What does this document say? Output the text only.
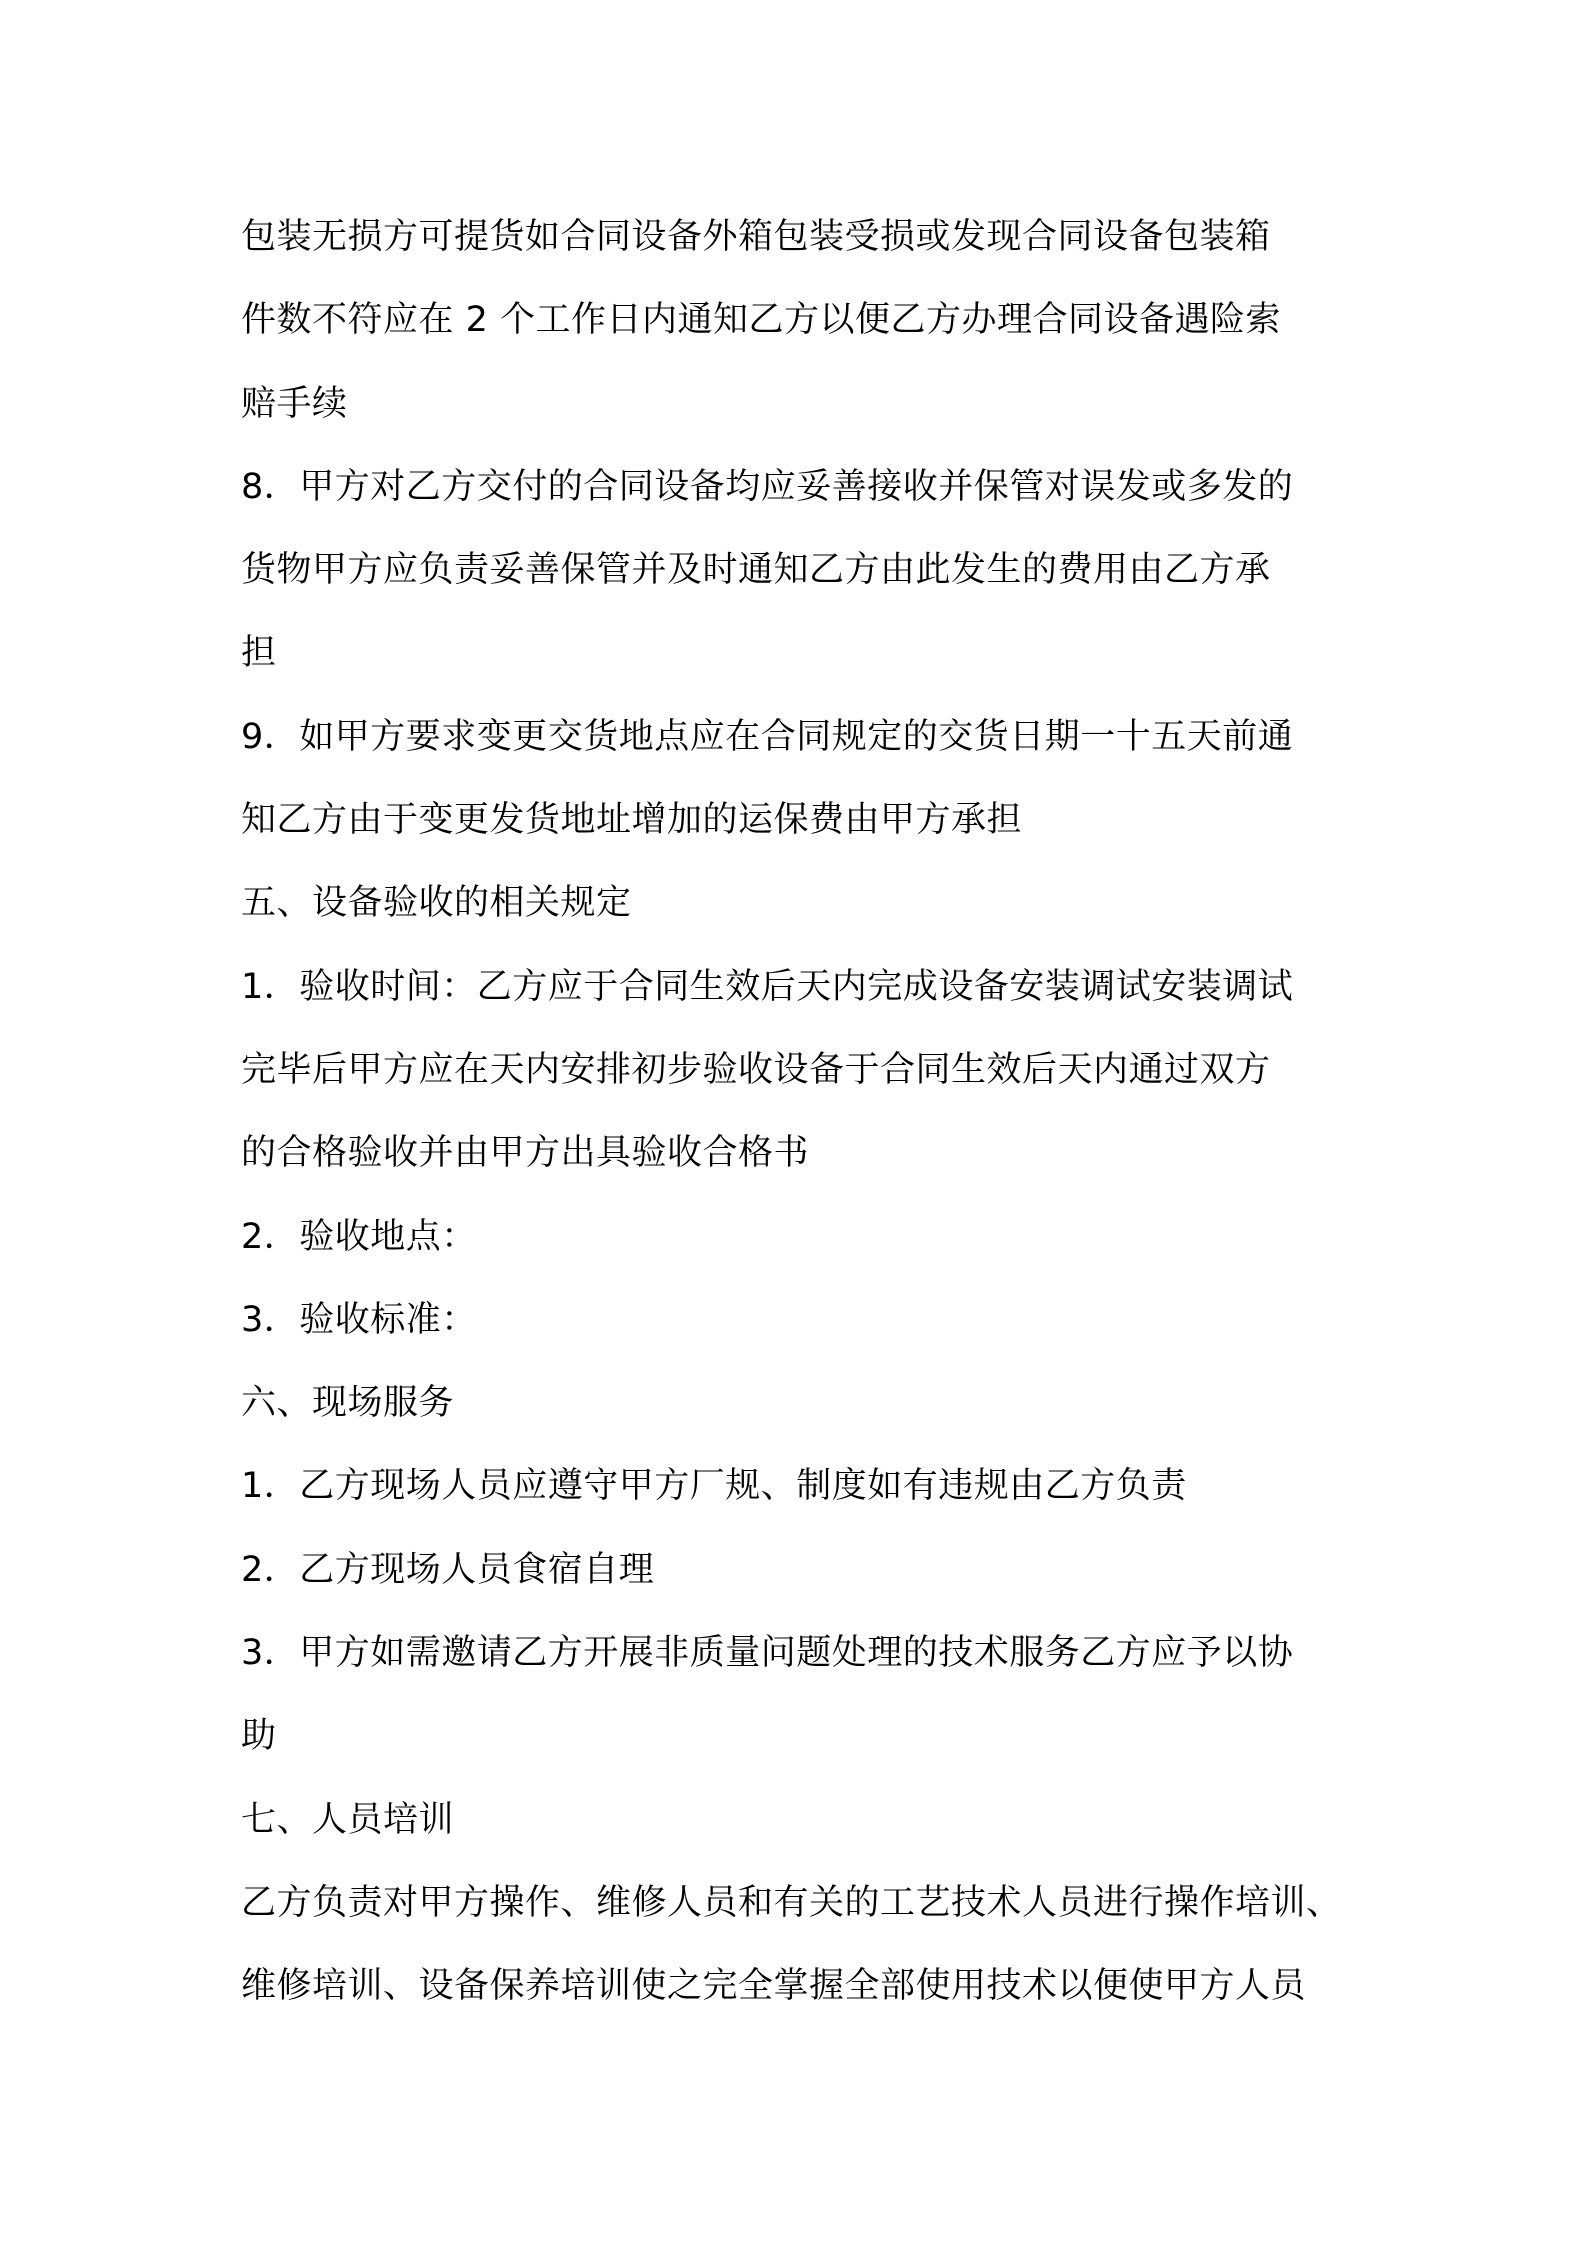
包装无损方可提货如合同设备外箱包装受损或发现合同设备包装箱
件数不符应在 2 个工作日内通知乙方以便乙方办理合同设备遇险索
赔手续
8．甲方对乙方交付的合同设备均应妥善接收并保管对误发或多发的
货物甲方应负责妥善保管并及时通知乙方由此发生的费用由乙方承
担
9．如甲方要求变更交货地点应在合同规定的交货日期一十五天前通
知乙方由于变更发货地址增加的运保费由甲方承担
五、设备验收的相关规定
1．验收时间：乙方应于合同生效后天内完成设备安装调试安装调试
完毕后甲方应在天内安排初步验收设备于合同生效后天内通过双方
的合格验收并由甲方出具验收合格书
2．验收地点：
3．验收标准：
六、现场服务
1．乙方现场人员应遵守甲方厂规、制度如有违规由乙方负责
2．乙方现场人员食宿自理
3．甲方如需邀请乙方开展非质量问题处理的技术服务乙方应予以协
助
七、人员培训
乙方负责对甲方操作、维修人员和有关的工艺技术人员进行操作培训、
维修培训、设备保养培训使之完全掌握全部使用技术以便使甲方人员
